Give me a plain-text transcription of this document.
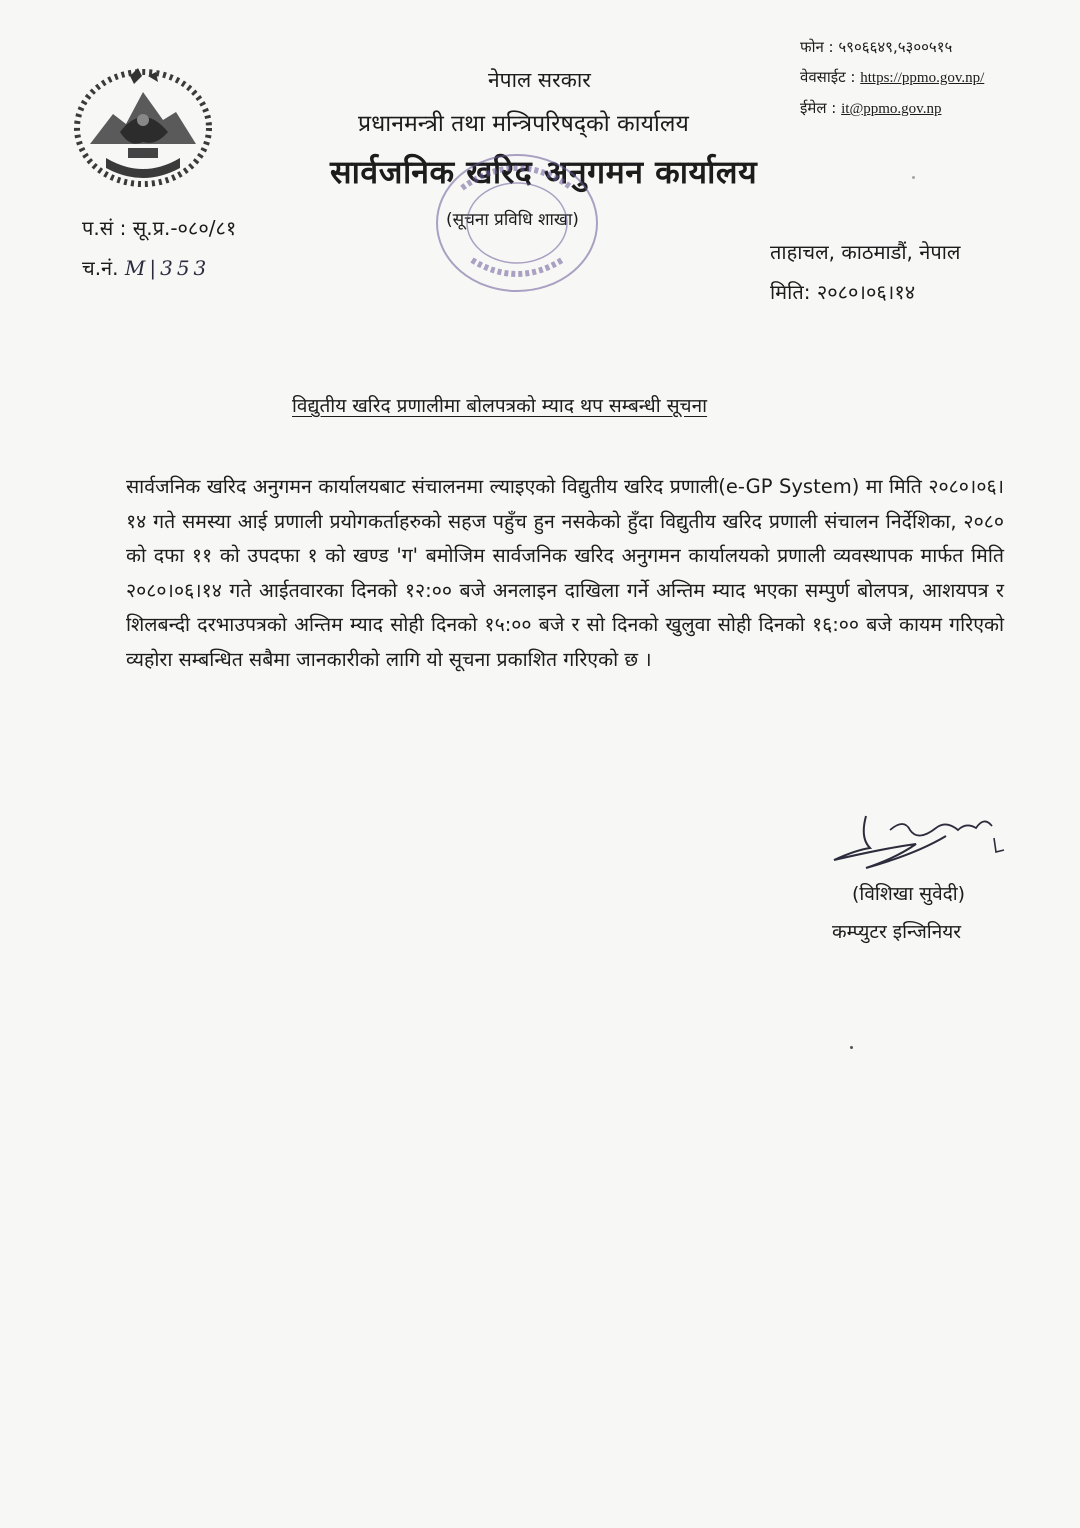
फोन : ५९०६६४९,५३००५१५
वेवसाईट : https://ppmo.gov.np/
ईमेल : it@ppmo.gov.np
नेपाल सरकार
प्रधानमन्त्री तथा मन्त्रिपरिषद्को कार्यालय
सार्वजनिक खरिद अनुगमन कार्यालय
(सूचना प्रविधि शाखा)
प.सं : सू.प्र.-०८०/८१
च.नं. M|353
ताहाचल, काठमाडौं, नेपाल
मिति: २०८०।०६।१४
विद्युतीय खरिद प्रणालीमा बोलपत्रको म्याद थप सम्बन्धी सूचना
सार्वजनिक खरिद अनुगमन कार्यालयबाट संचालनमा ल्याइएको विद्युतीय खरिद प्रणाली(e-GP System) मा मिति २०८०।०६।१४ गते समस्या आई प्रणाली प्रयोगकर्ताहरुको सहज पहुँच हुन नसकेको हुँदा विद्युतीय खरिद प्रणाली संचालन निर्देशिका, २०८० को दफा ११ को उपदफा १ को खण्ड 'ग' बमोजिम सार्वजनिक खरिद अनुगमन कार्यालयको प्रणाली व्यवस्थापक मार्फत मिति २०८०।०६।१४ गते आईतवारका दिनको १२:०० बजे अनलाइन दाखिला गर्ने अन्तिम म्याद भएका सम्पुर्ण बोलपत्र, आशयपत्र र शिलबन्दी दरभाउपत्रको अन्तिम म्याद सोही दिनको १५:०० बजे र सो दिनको खुलुवा सोही दिनको १६:०० बजे कायम गरिएको व्यहोरा सम्बन्धित सबैमा जानकारीको लागि यो सूचना प्रकाशित गरिएको छ ।
(विशिखा सुवेदी)
कम्प्युटर इन्जिनियर
